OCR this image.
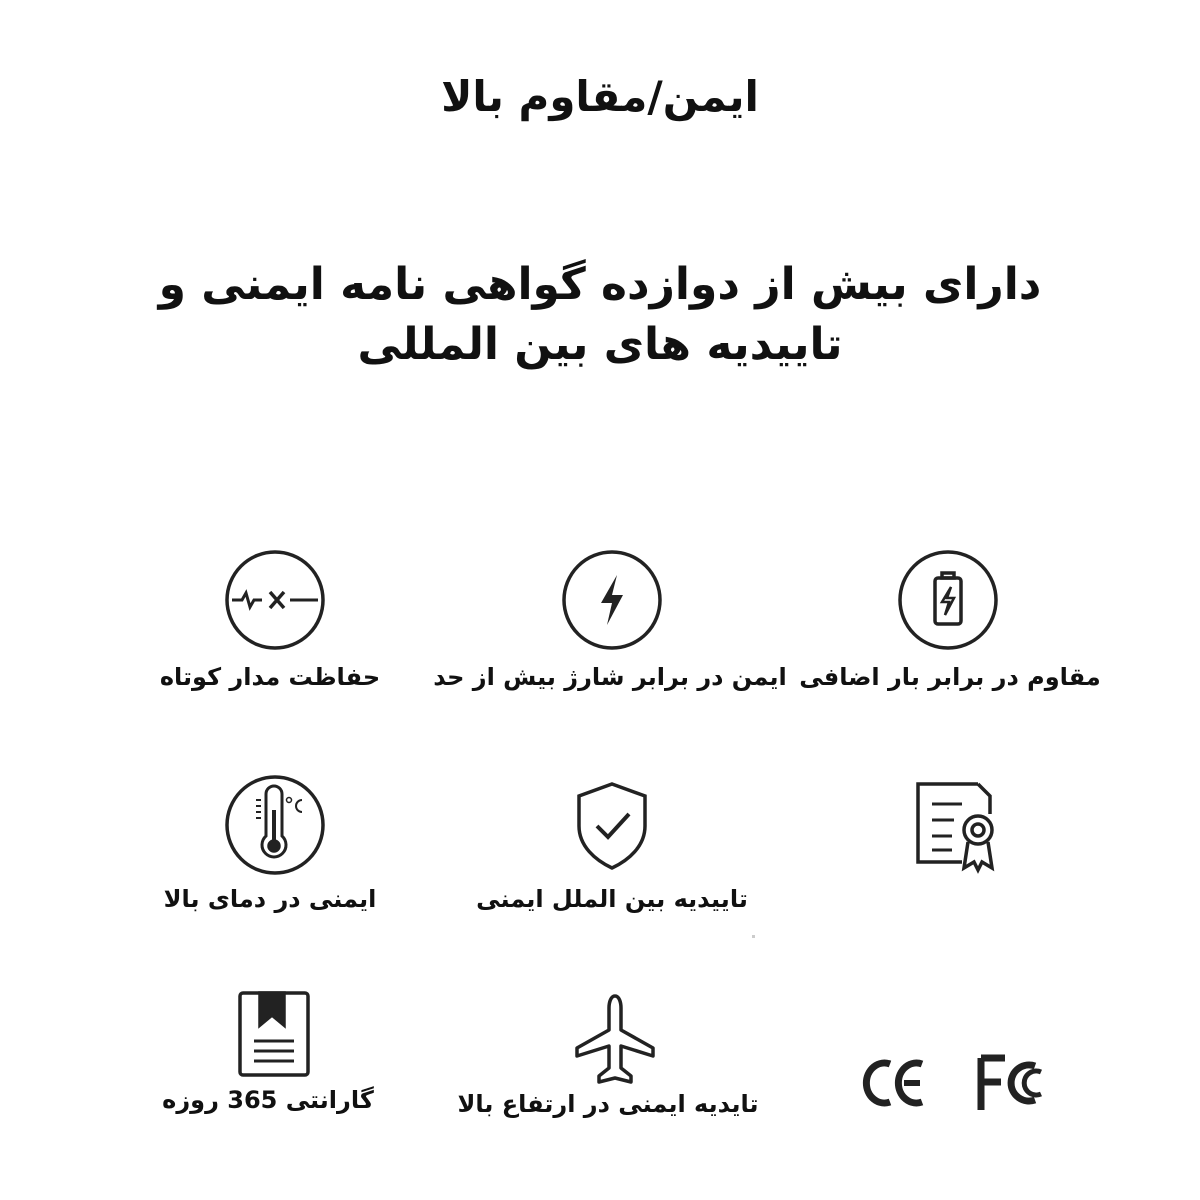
ایمن/مقاوم بالا
دارای بیش از دوازده گواهی نامه ایمنی و
تاییدیه های بین المللی
مقاوم در برابر بار اضافی
ایمن در برابر شارژ بیش از حد
حفاظت مدار کوتاه
تاییدیه بین الملل ایمنی
ایمنی در دمای بالا
تایدیه ایمنی در ارتفاع بالا
گارانتی 365 روزه
